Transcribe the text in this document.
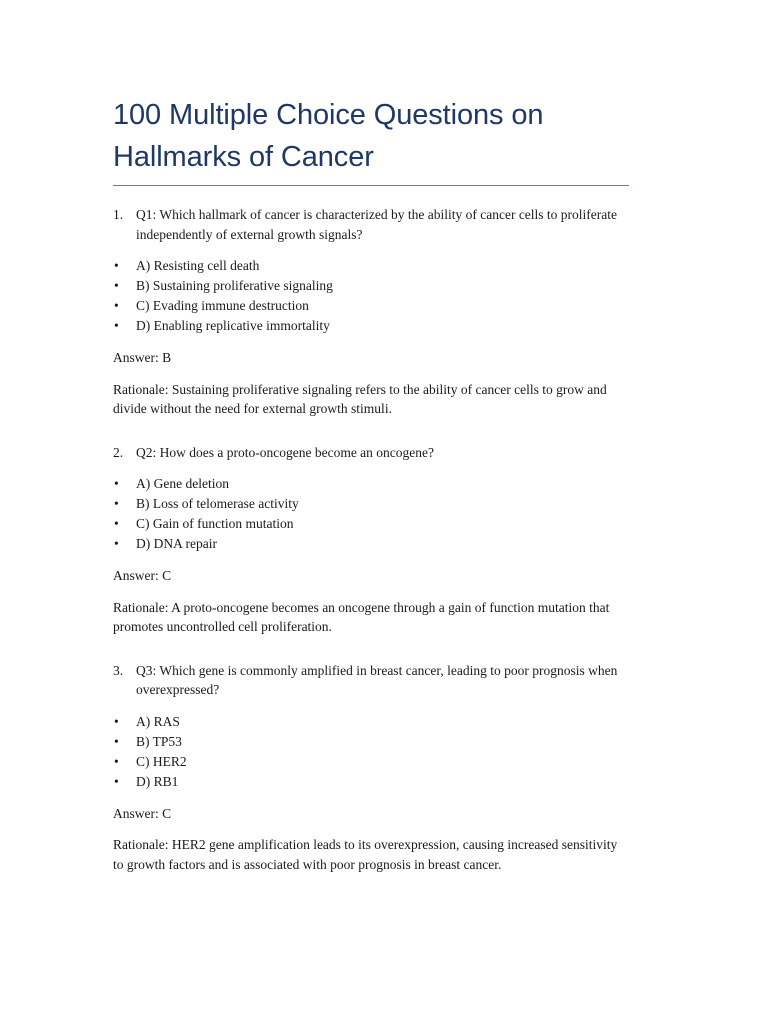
100 Multiple Choice Questions on Hallmarks of Cancer
1. Q1: Which hallmark of cancer is characterized by the ability of cancer cells to proliferate independently of external growth signals?
• A) Resisting cell death
• B) Sustaining proliferative signaling
• C) Evading immune destruction
• D) Enabling replicative immortality

Answer: B

Rationale: Sustaining proliferative signaling refers to the ability of cancer cells to grow and divide without the need for external growth stimuli.

2. Q2: How does a proto-oncogene become an oncogene?
• A) Gene deletion
• B) Loss of telomerase activity
• C) Gain of function mutation
• D) DNA repair

Answer: C

Rationale: A proto-oncogene becomes an oncogene through a gain of function mutation that promotes uncontrolled cell proliferation.

3. Q3: Which gene is commonly amplified in breast cancer, leading to poor prognosis when overexpressed?
• A) RAS
• B) TP53
• C) HER2
• D) RB1

Answer: C

Rationale: HER2 gene amplification leads to its overexpression, causing increased sensitivity to growth factors and is associated with poor prognosis in breast cancer.
